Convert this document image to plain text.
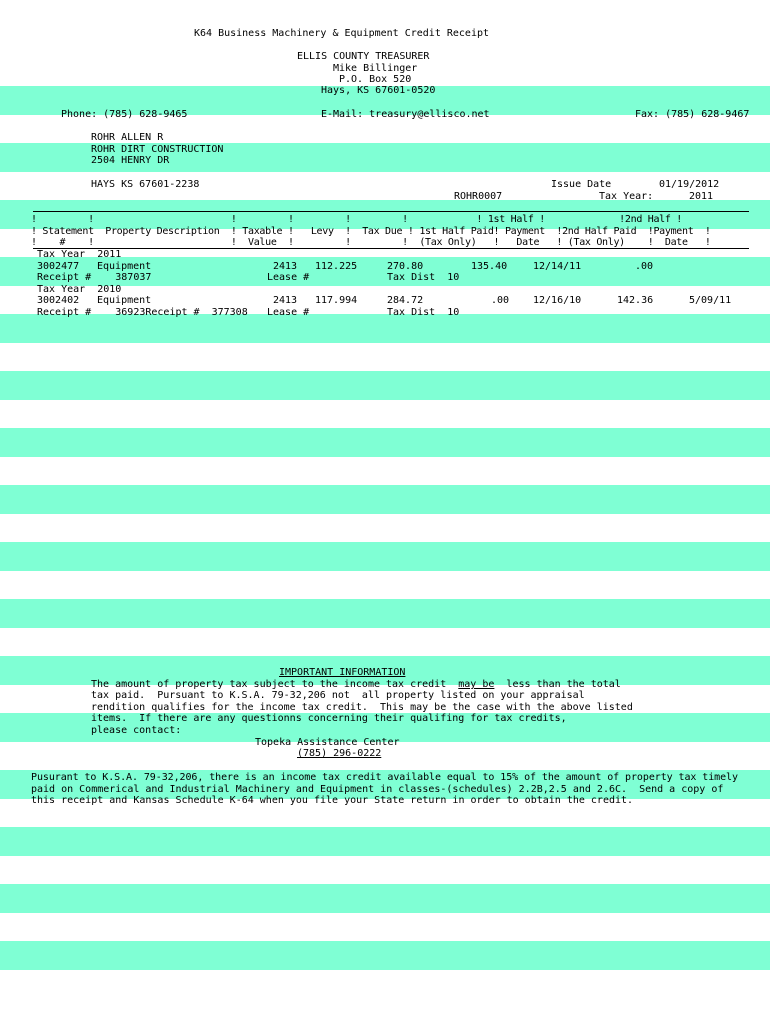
K64 Business Machinery & Equipment Credit Receipt
ELLIS COUNTY TREASURER
Mike Billinger
P.O. Box 520
Hays, KS 67601-0520
Phone: (785) 628-9465	E-Mail: treasury@ellisco.net	Fax: (785) 628-9467
ROHR ALLEN R
ROHR DIRT CONSTRUCTION
2504 HENRY DR
HAYS KS 67601-2238	Issue Date	01/19/2012
ROHR0007	Tax Year:	2011
!         !                        !         !         !         !            ! 1st Half !             !2nd Half !
! Statement  Property Description  ! Taxable !   Levy  !  Tax Due ! 1st Half Paid! Payment  !2nd Half Paid  !Payment  !
!    #    !                        !  Value  !         !         !  (Tax Only)   !   Date   ! (Tax Only)    !  Date   !
Tax Year  2011
3002477 Equipment	2413 112.225	270.80	135.40	12/14/11	.00
Receipt #    387037	Lease #	Tax Dist  10
Tax Year  2010
3002402 Equipment	2413 117.994	284.72	.00 12/16/10	142.36	5/09/11
Receipt #    36923Receipt #  377308 Lease #	Tax Dist  10
IMPORTANT INFORMATION
The amount of property tax subject to the income tax credit  may be  less than the total
tax paid.  Pursuant to K.S.A. 79-32,206 not  all property listed on your appraisal
rendition qualifies for the income tax credit.  This may be the case with the above listed
items.  If there are any questionns concerning their qualifing for tax credits,
please contact:
Topeka Assistance Center
(785) 296-0222
Pusurant to K.S.A. 79-32,206, there is an income tax credit available equal to 15% of the amount of property tax timely
paid on Commerical and Industrial Machinery and Equipment in classes-(schedules) 2.2B,2.5 and 2.6C.  Send a copy of
this receipt and Kansas Schedule K-64 when you file your State return in order to obtain the credit.
